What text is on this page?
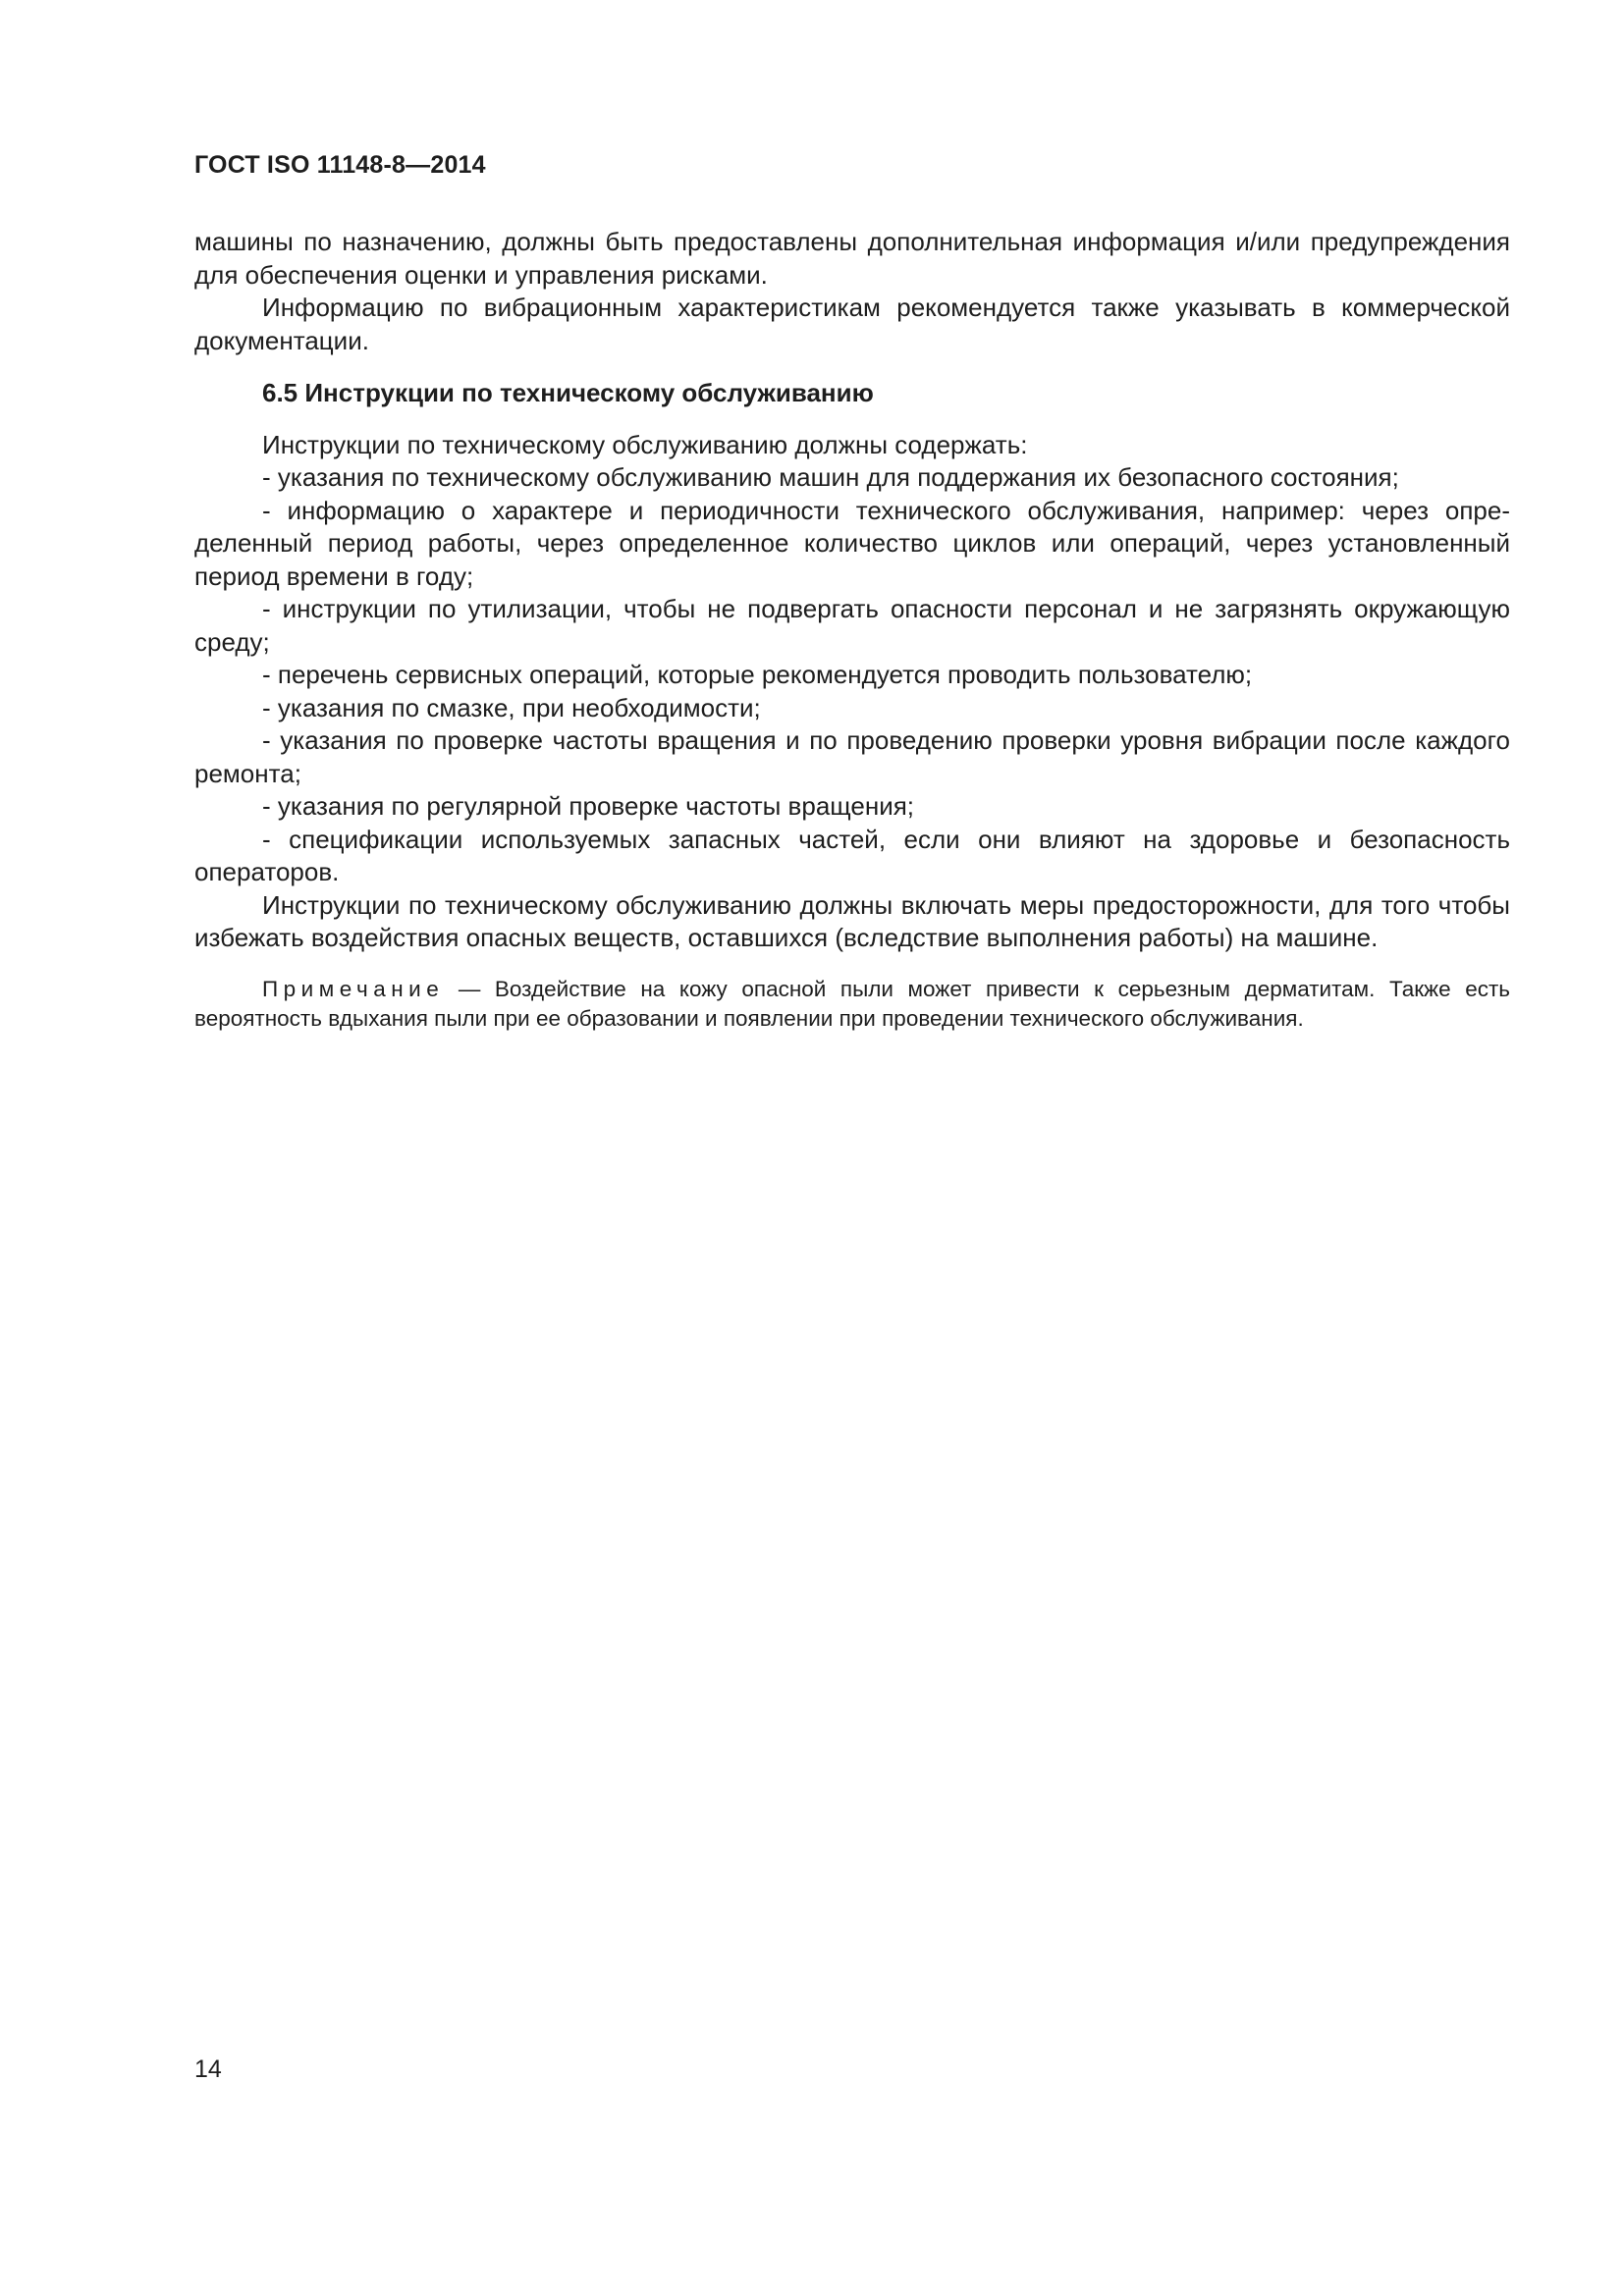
ГОСТ ISO 11148-8—2014

машины по назначению, должны быть предоставлены дополнительная информация и/или предупреждения для обеспечения оценки и управления рисками.

Информацию по вибрационным характеристикам рекомендуется также указывать в коммерческой документации.

6.5 Инструкции по техническому обслуживанию

Инструкции по техническому обслуживанию должны содержать:

- указания по техническому обслуживанию машин для поддержания их безопасного состояния;

- информацию о характере и периодичности технического обслуживания, например: через определенный период работы, через определенное количество циклов или операций, через установленный период времени в году;

- инструкции по утилизации, чтобы не подвергать опасности персонал и не загрязнять окружающую среду;

- перечень сервисных операций, которые рекомендуется проводить пользователю;

- указания по смазке, при необходимости;

- указания по проверке частоты вращения и по проведению проверки уровня вибрации после каждого ремонта;

- указания по регулярной проверке частоты вращения;

- спецификации используемых запасных частей, если они влияют на здоровье и безопасность операторов.

Инструкции по техническому обслуживанию должны включать меры предосторожности, для того чтобы избежать воздействия опасных веществ, оставшихся (вследствие выполнения работы) на машине.

Примечание — Воздействие на кожу опасной пыли может привести к серьезным дерматитам. Также есть вероятность вдыхания пыли при ее образовании и появлении при проведении технического обслуживания.

14
